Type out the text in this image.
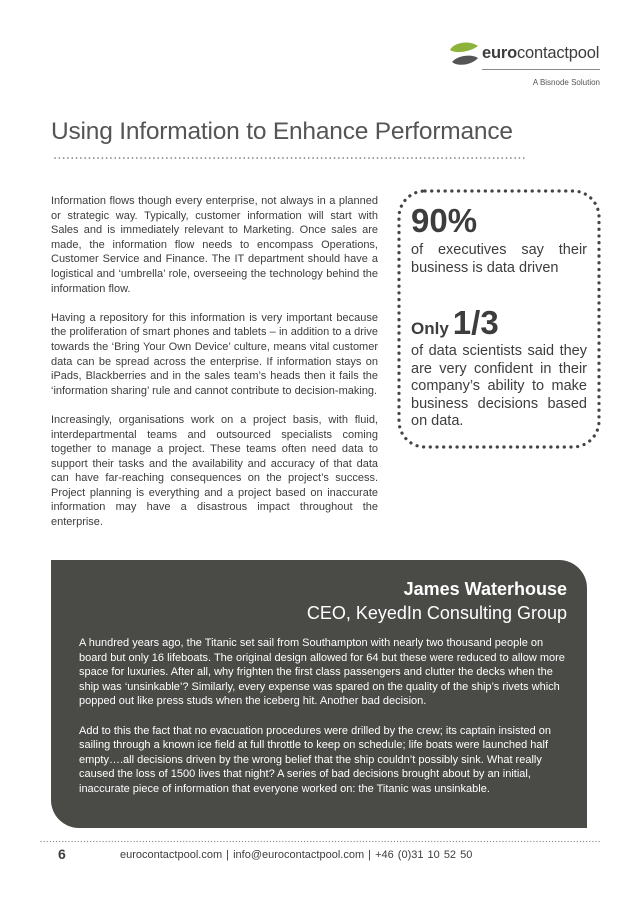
eurocontactpool
A Bisnode Solution
Using Information to Enhance Performance

Information flows though every enterprise, not always in a planned or strategic way. Typically, customer information will start with Sales and is immediately relevant to Marketing. Once sales are made, the information flow needs to encompass Operations, Customer Service and Finance. The IT department should have a logistical and ‘umbrella’ role, overseeing the technology behind the information flow.

Having a repository for this information is very important because the proliferation of smart phones and tablets – in addition to a drive towards the ‘Bring Your Own Device’ culture, means vital customer data can be spread across the enterprise. If information stays on iPads, Blackberries and in the sales team’s heads then it fails the ‘information sharing’ rule and cannot contribute to decision-making.

Increasingly, organisations work on a project basis, with fluid, interdepartmental teams and outsourced specialists coming together to manage a project. These teams often need data to support their tasks and the availability and accuracy of that data can have far-reaching consequences on the project’s success. Project planning is everything and a project based on inaccurate information may have a disastrous impact throughout the enterprise.

90%
of executives say their business is data driven
Only 1/3
of data scientists said they are very confident in their company’s ability to make business decisions based on data.
James Waterhouse
CEO, KeyedIn Consulting Group

A hundred years ago, the Titanic set sail from Southampton with nearly two thousand people on board but only 16 lifeboats. The original design allowed for 64 but these were reduced to allow more space for luxuries. After all, why frighten the first class passengers and clutter the decks when the ship was ‘unsinkable’? Similarly, every expense was spared on the quality of the ship’s rivets which popped out like press studs when the iceberg hit. Another bad decision.

Add to this the fact that no evacuation procedures were drilled by the crew; its captain insisted on sailing through a known ice field at full throttle to keep on schedule; life boats were launched half empty….all decisions driven by the wrong belief that the ship couldn’t possibly sink. What really caused the loss of 1500 lives that night? A series of bad decisions brought about by an initial, inaccurate piece of information that everyone worked on: the Titanic was unsinkable.

6	eurocontactpool.com | info@eurocontactpool.com | +46 (0)31 10 52 50
